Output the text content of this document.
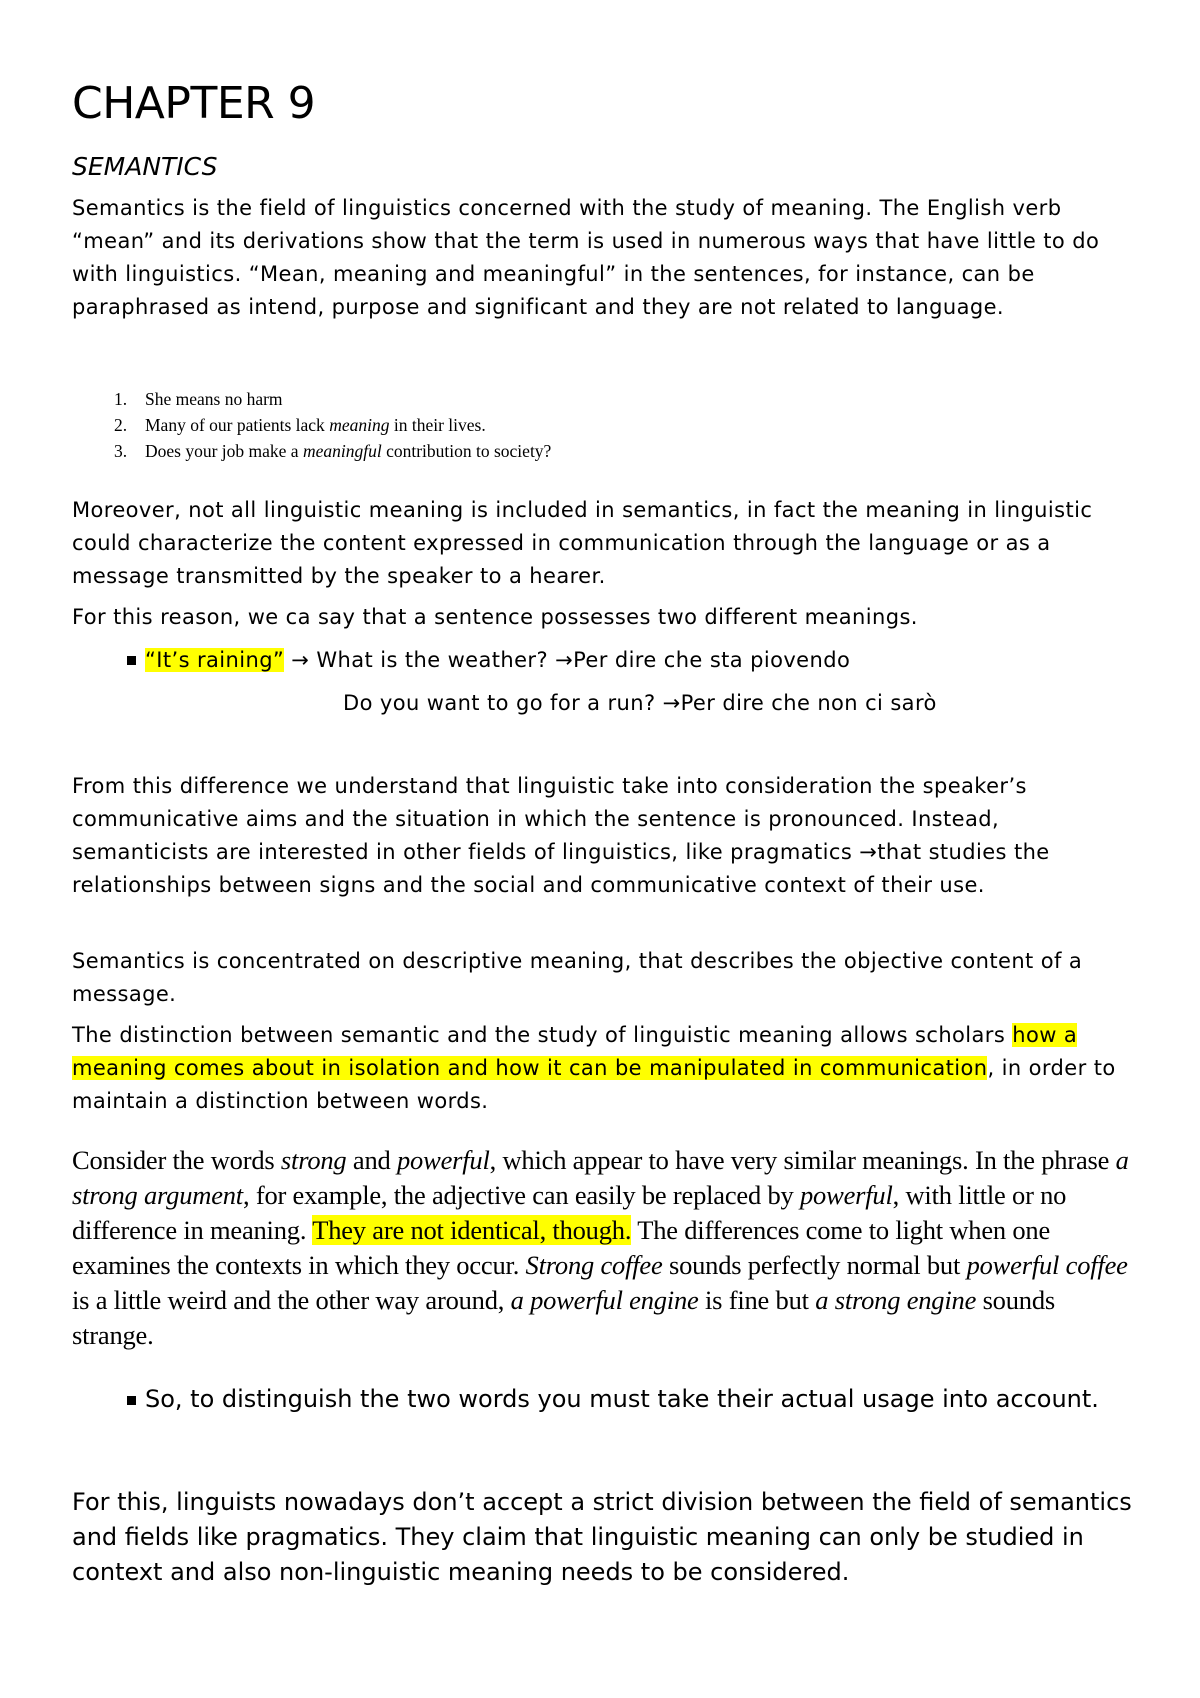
CHAPTER 9
SEMANTICS
Semantics is the field of linguistics concerned with the study of meaning. The English verb “mean” and its derivations show that the term is used in numerous ways that have little to do with linguistics. “Mean, meaning and meaningful” in the sentences, for instance, can be paraphrased as intend, purpose and significant and they are not related to language.
1. She means no harm
2. Many of our patients lack meaning in their lives.
3. Does your job make a meaningful contribution to society?
Moreover, not all linguistic meaning is included in semantics, in fact the meaning in linguistic could characterize the content expressed in communication through the language or as a message transmitted by the speaker to a hearer.
For this reason, we ca say that a sentence possesses two different meanings.
“It’s raining” → What is the weather? →Per dire che sta piovendo
Do you want to go for a run? →Per dire che non ci sarò
From this difference we understand that linguistic take into consideration the speaker’s communicative aims and the situation in which the sentence is pronounced. Instead, semanticists are interested in other fields of linguistics, like pragmatics →that studies the relationships between signs and the social and communicative context of their use.
Semantics is concentrated on descriptive meaning, that describes the objective content of a message.
The distinction between semantic and the study of linguistic meaning allows scholars how a meaning comes about in isolation and how it can be manipulated in communication, in order to maintain a distinction between words.
Consider the words strong and powerful, which appear to have very similar meanings. In the phrase a strong argument, for example, the adjective can easily be replaced by powerful, with little or no difference in meaning. They are not identical, though. The differences come to light when one examines the contexts in which they occur. Strong coffee sounds perfectly normal but powerful coffee is a little weird and the other way around, a powerful engine is fine but a strong engine sounds strange.
So, to distinguish the two words you must take their actual usage into account.
For this, linguists nowadays don’t accept a strict division between the field of semantics and fields like pragmatics. They claim that linguistic meaning can only be studied in context and also non-linguistic meaning needs to be considered.
